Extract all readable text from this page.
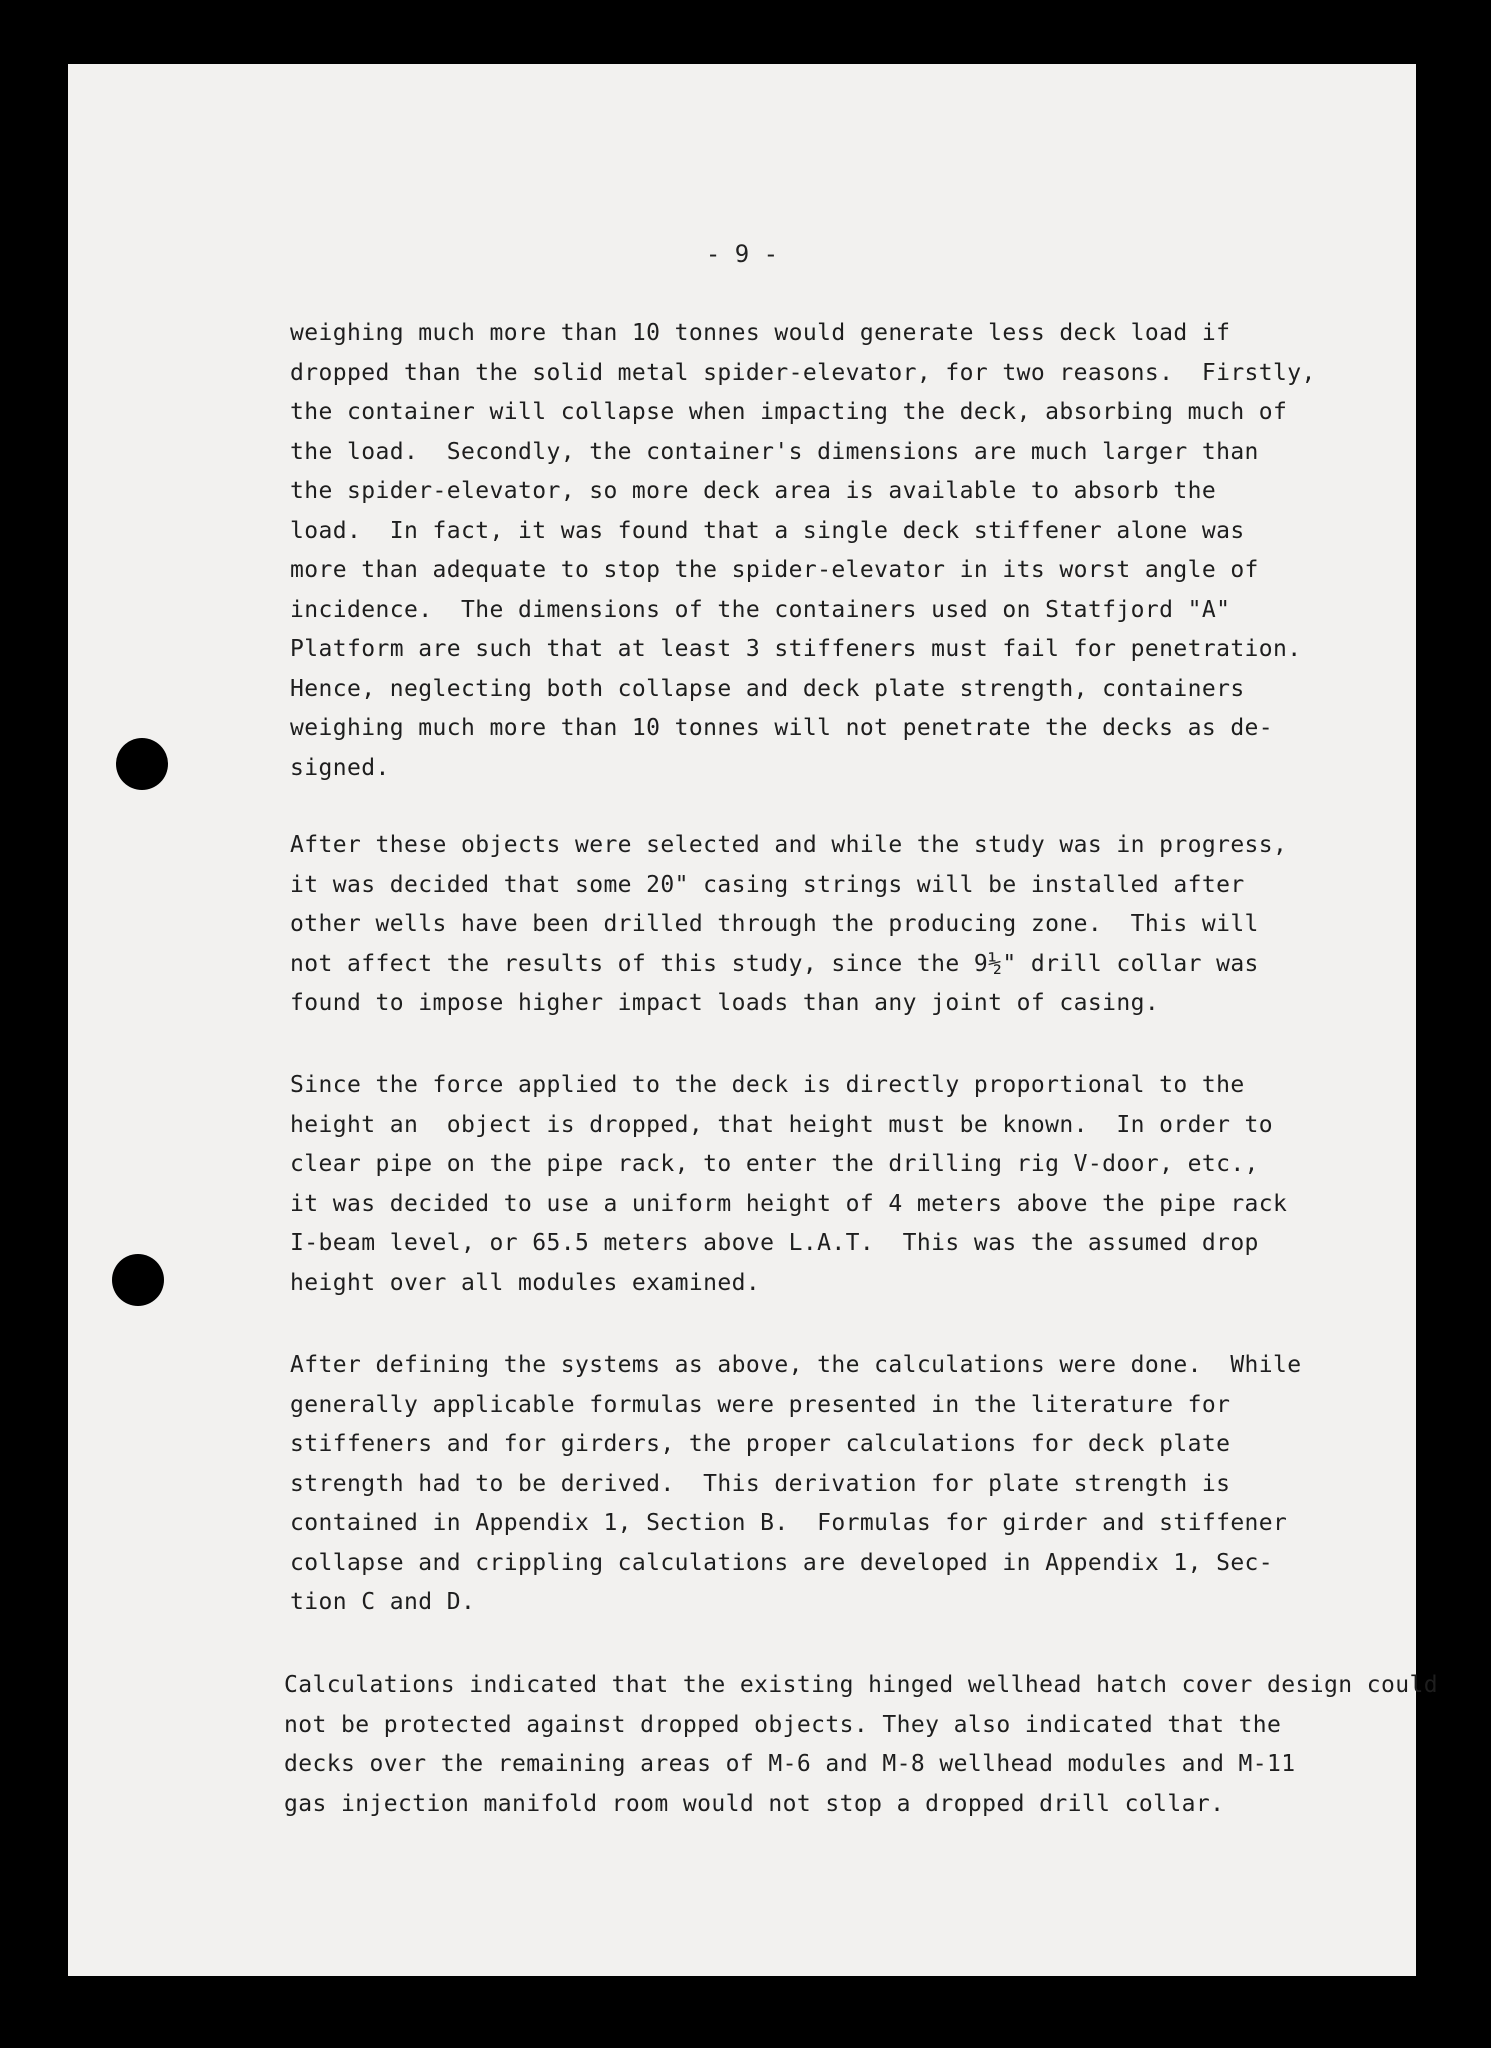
- 9 -
weighing much more than 10 tonnes would generate less deck load if
dropped than the solid metal spider-elevator, for two reasons.  Firstly,
the container will collapse when impacting the deck, absorbing much of
the load.  Secondly, the container's dimensions are much larger than
the spider-elevator, so more deck area is available to absorb the
load.  In fact, it was found that a single deck stiffener alone was
more than adequate to stop the spider-elevator in its worst angle of
incidence.  The dimensions of the containers used on Statfjord "A"
Platform are such that at least 3 stiffeners must fail for penetration.
Hence, neglecting both collapse and deck plate strength, containers
weighing much more than 10 tonnes will not penetrate the decks as de-
signed.
After these objects were selected and while the study was in progress,
it was decided that some 20" casing strings will be installed after
other wells have been drilled through the producing zone.  This will
not affect the results of this study, since the 9½" drill collar was
found to impose higher impact loads than any joint of casing.
Since the force applied to the deck is directly proportional to the
height an  object is dropped, that height must be known.  In order to
clear pipe on the pipe rack, to enter the drilling rig V-door, etc.,
it was decided to use a uniform height of 4 meters above the pipe rack
I-beam level, or 65.5 meters above L.A.T.  This was the assumed drop
height over all modules examined.
After defining the systems as above, the calculations were done.  While
generally applicable formulas were presented in the literature for
stiffeners and for girders, the proper calculations for deck plate
strength had to be derived.  This derivation for plate strength is
contained in Appendix 1, Section B.  Formulas for girder and stiffener
collapse and crippling calculations are developed in Appendix 1, Sec-
tion C and D.
Calculations indicated that the existing hinged wellhead hatch cover design could
not be protected against dropped objects. They also indicated that the
decks over the remaining areas of M-6 and M-8 wellhead modules and M-11
gas injection manifold room would not stop a dropped drill collar.
